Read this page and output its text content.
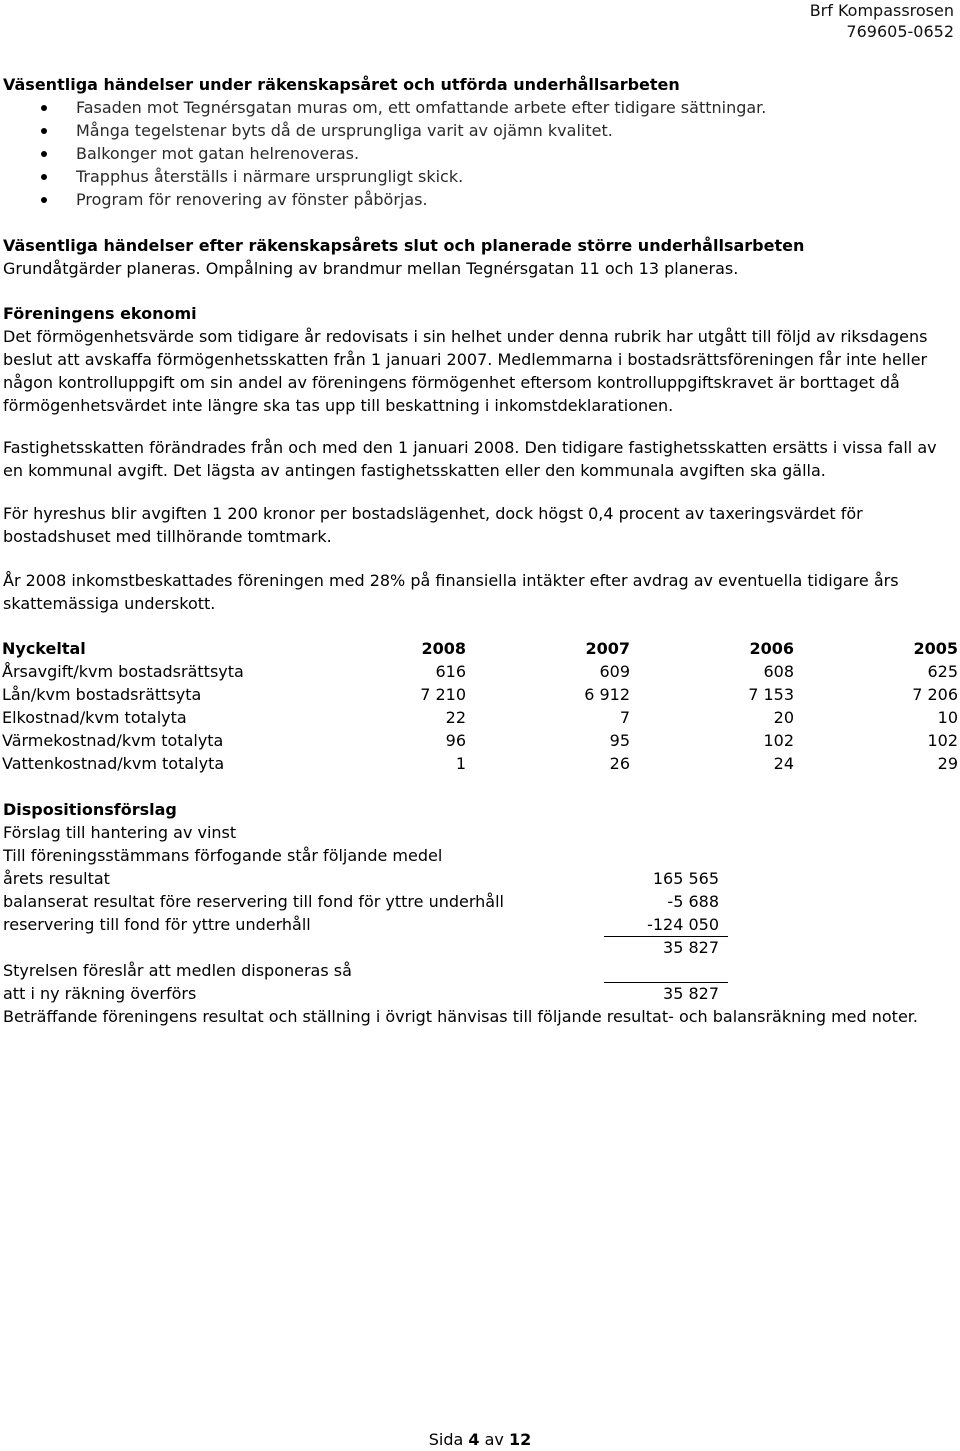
Brf Kompassrosen
769605-0652
Väsentliga händelser under räkenskapsåret och utförda underhållsarbeten
Fasaden mot Tegnérsgatan muras om, ett omfattande arbete efter tidigare sättningar.
Många tegelstenar byts då de ursprungliga varit av ojämn kvalitet.
Balkonger mot gatan helrenoveras.
Trapphus återställs i närmare ursprungligt skick.
Program för renovering av fönster påbörjas.
Väsentliga händelser efter räkenskapsårets slut och planerade större underhållsarbeten

Grundåtgärder planeras. Ompålning av brandmur mellan Tegnérsgatan 11 och 13 planeras.

Föreningens ekonomi

Det förmögenhetsvärde som tidigare år redovisats i sin helhet under denna rubrik har utgått till följd av riksdagens beslut att avskaffa förmögenhetsskatten från 1 januari 2007. Medlemmarna i bostadsrättsföreningen får inte heller någon kontrolluppgift om sin andel av föreningens förmögenhet eftersom kontrolluppgiftskravet är borttaget då förmögenhetsvärdet inte längre ska tas upp till beskattning i inkomstdeklarationen.

Fastighetsskatten förändrades från och med den 1 januari 2008. Den tidigare fastighetsskatten ersätts i vissa fall av en kommunal avgift. Det lägsta av antingen fastighetsskatten eller den kommunala avgiften ska gälla.

För hyreshus blir avgiften 1 200 kronor per bostadslägenhet, dock högst 0,4 procent av taxeringsvärdet för bostadshuset med tillhörande tomtmark.

År 2008 inkomstbeskattades föreningen med 28% på finansiella intäkter efter avdrag av eventuella tidigare års skattemässiga underskott.

Nyckeltal	2008	2007	2006	2005
Årsavgift/kvm bostadsrättsyta	616	609	608	625
Lån/kvm bostadsrättsyta	7 210	6 912	7 153	7 206
Elkostnad/kvm totalyta	22	7	20	10
Värmekostnad/kvm totalyta	96	95	102	102
Vattenkostnad/kvm totalyta	1	26	24	29
Dispositionsförslag

Förslag till hantering av vinst

Till föreningsstämmans förfogande står följande medel

årets resultat	165 565
balanserat resultat före reservering till fond för yttre underhåll	-5 688
reservering till fond för yttre underhåll	-124 050
35 827

Styrelsen föreslår att medlen disponeras så

att i ny räkning överförs	35 827

Beträffande föreningens resultat och ställning i övrigt hänvisas till följande resultat- och balansräkning med noter.

Sida 4 av 12
